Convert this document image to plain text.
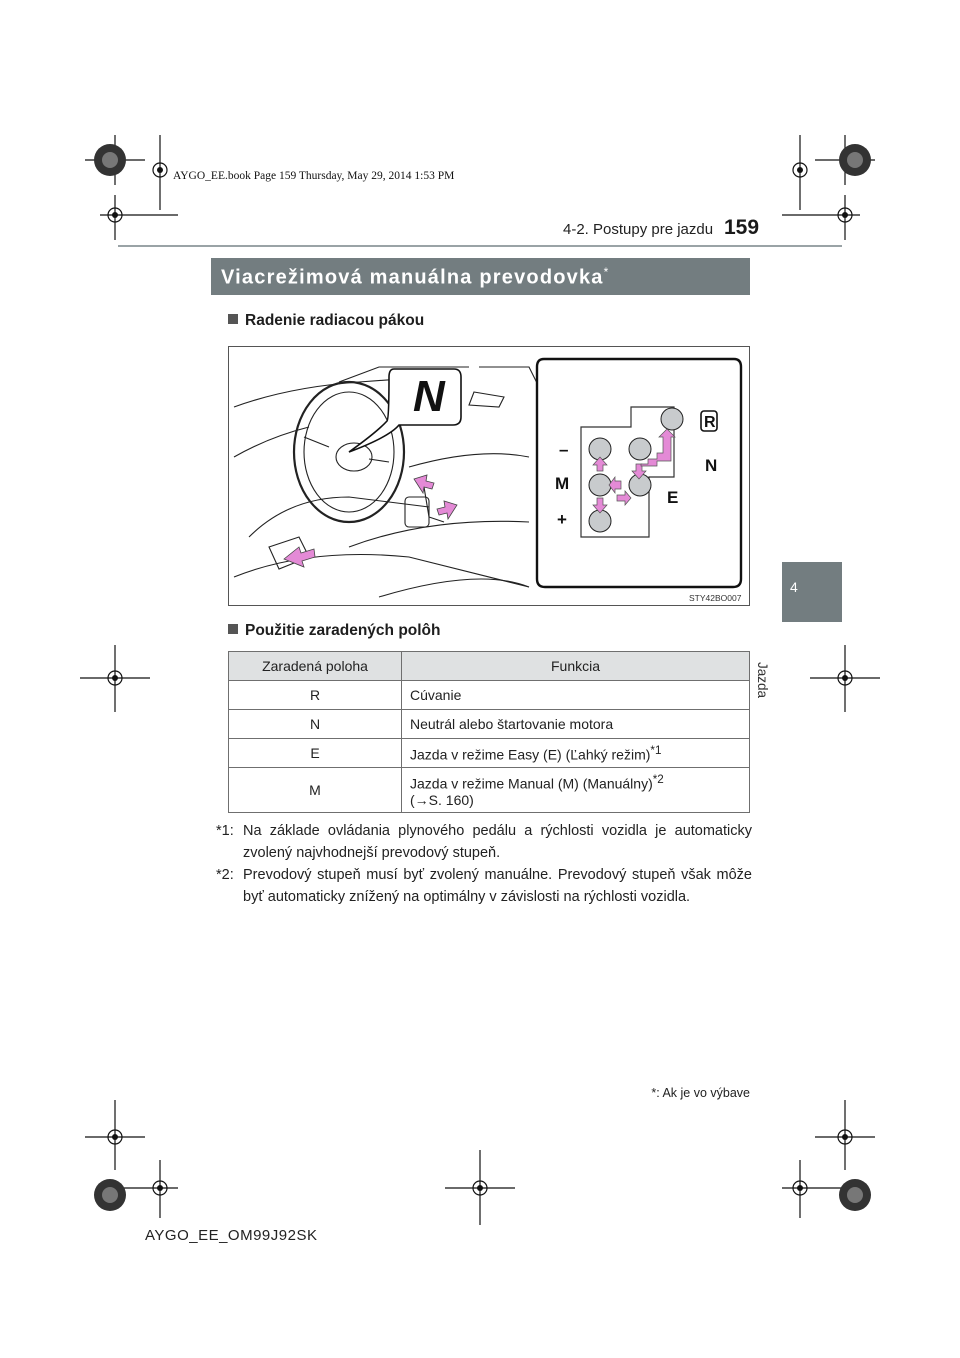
AYGO_EE.book Page 159 Thursday, May 29, 2014 1:53 PM
159
4-2. Postupy pre jazdu
4
Jazda
Viacrežimová manuálna prevodovka*
Radenie radiacou pákou
N
–
M
+
N
E
R
STY42BO007
Použitie zaradených polôh
Zaradená poloha	Funkcia
R	Cúvanie
N	Neutrál alebo štartovanie motora
E	Jazda v režime Easy (E) (Ľahký režim)$^{*1}$
M	Jazda v režime Manual (M) (Manuálny)$^{*2}$
(→S. 160)
*1: Na základe ovládania plynového pedálu a rýchlosti vozidla je automaticky zvolený najvhodnejší prevodový stupeň.
*2: Prevodový stupeň musí byť zvolený manuálne. Prevodový stupeň však môže byť automaticky znížený na optimálny v závislosti na rýchlosti vozidla.
*: Ak je vo výbave
AYGO_EE_OM99J92SK
